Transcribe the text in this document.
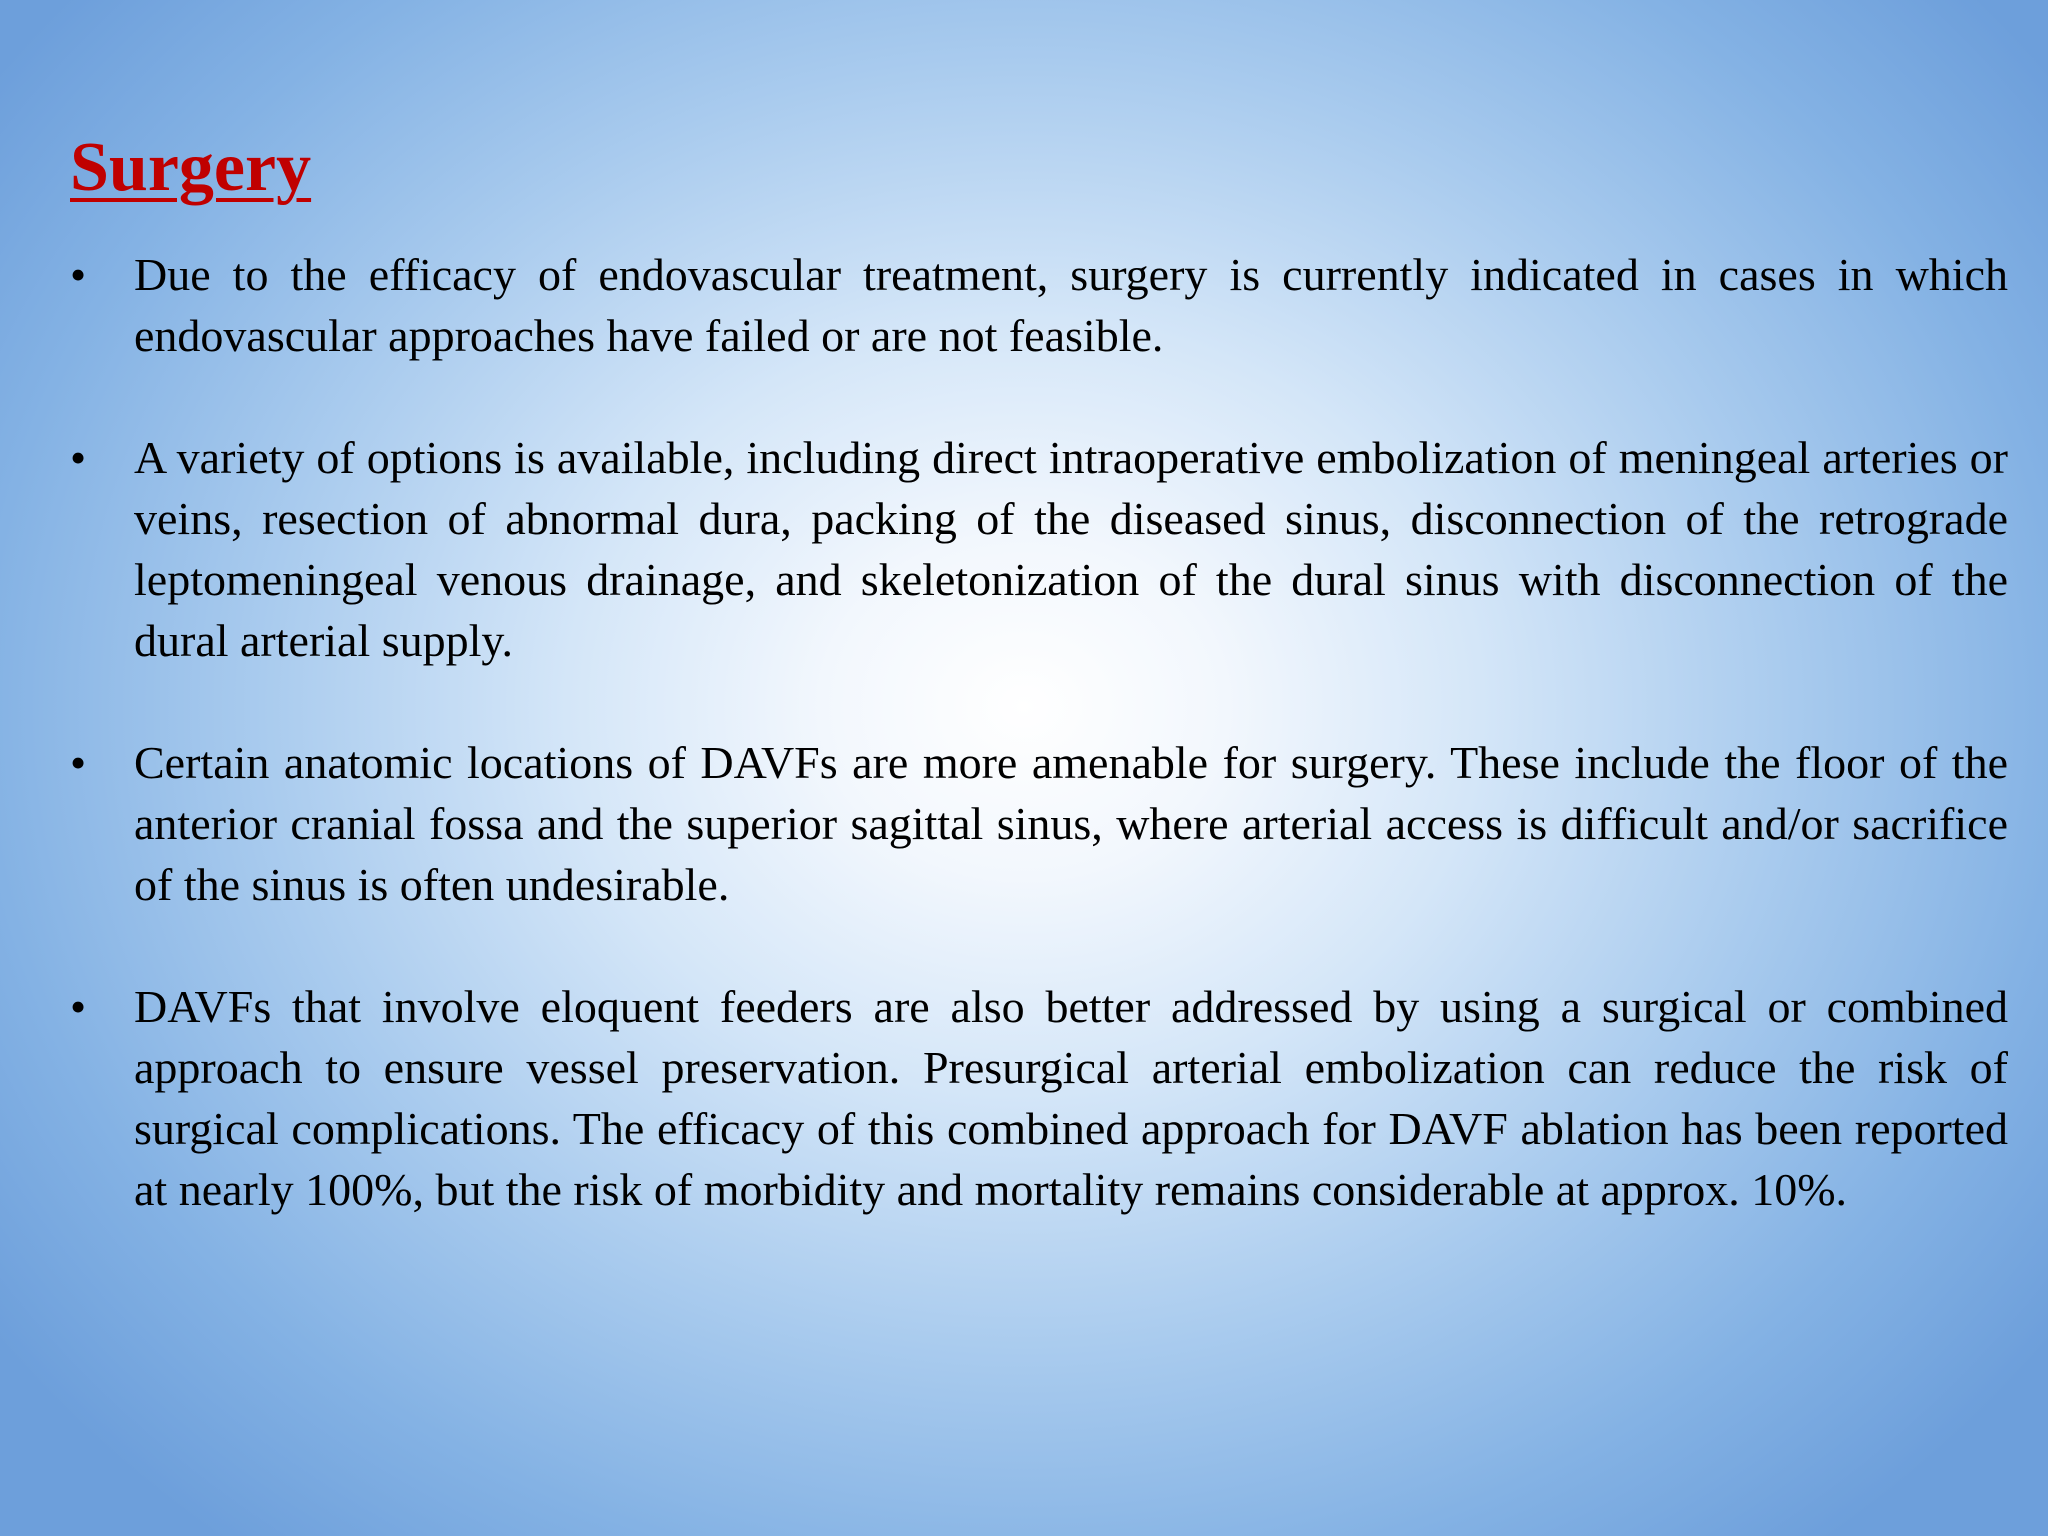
Surgery
• Due to the efficacy of endovascular treatment, surgery is currently indicated in cases in which endovascular approaches have failed or are not feasible.
• A variety of options is available, including direct intraoperative embolization of meningeal arteries or veins, resection of abnormal dura, packing of the diseased sinus, disconnection of the retrograde leptomeningeal venous drainage, and skeletonization of the dural sinus with disconnection of the dural arterial supply.
• Certain anatomic locations of DAVFs are more amenable for surgery. These include the floor of the anterior cranial fossa and the superior sagittal sinus, where arterial access is difficult and/or sacrifice of the sinus is often undesirable.
• DAVFs that involve eloquent feeders are also better addressed by using a surgical or combined approach to ensure vessel preservation. Presurgical arterial embolization can reduce the risk of surgical complications. The efficacy of this combined approach for DAVF ablation has been reported at nearly 100%, but the risk of morbidity and mortality remains considerable at approx. 10%.
